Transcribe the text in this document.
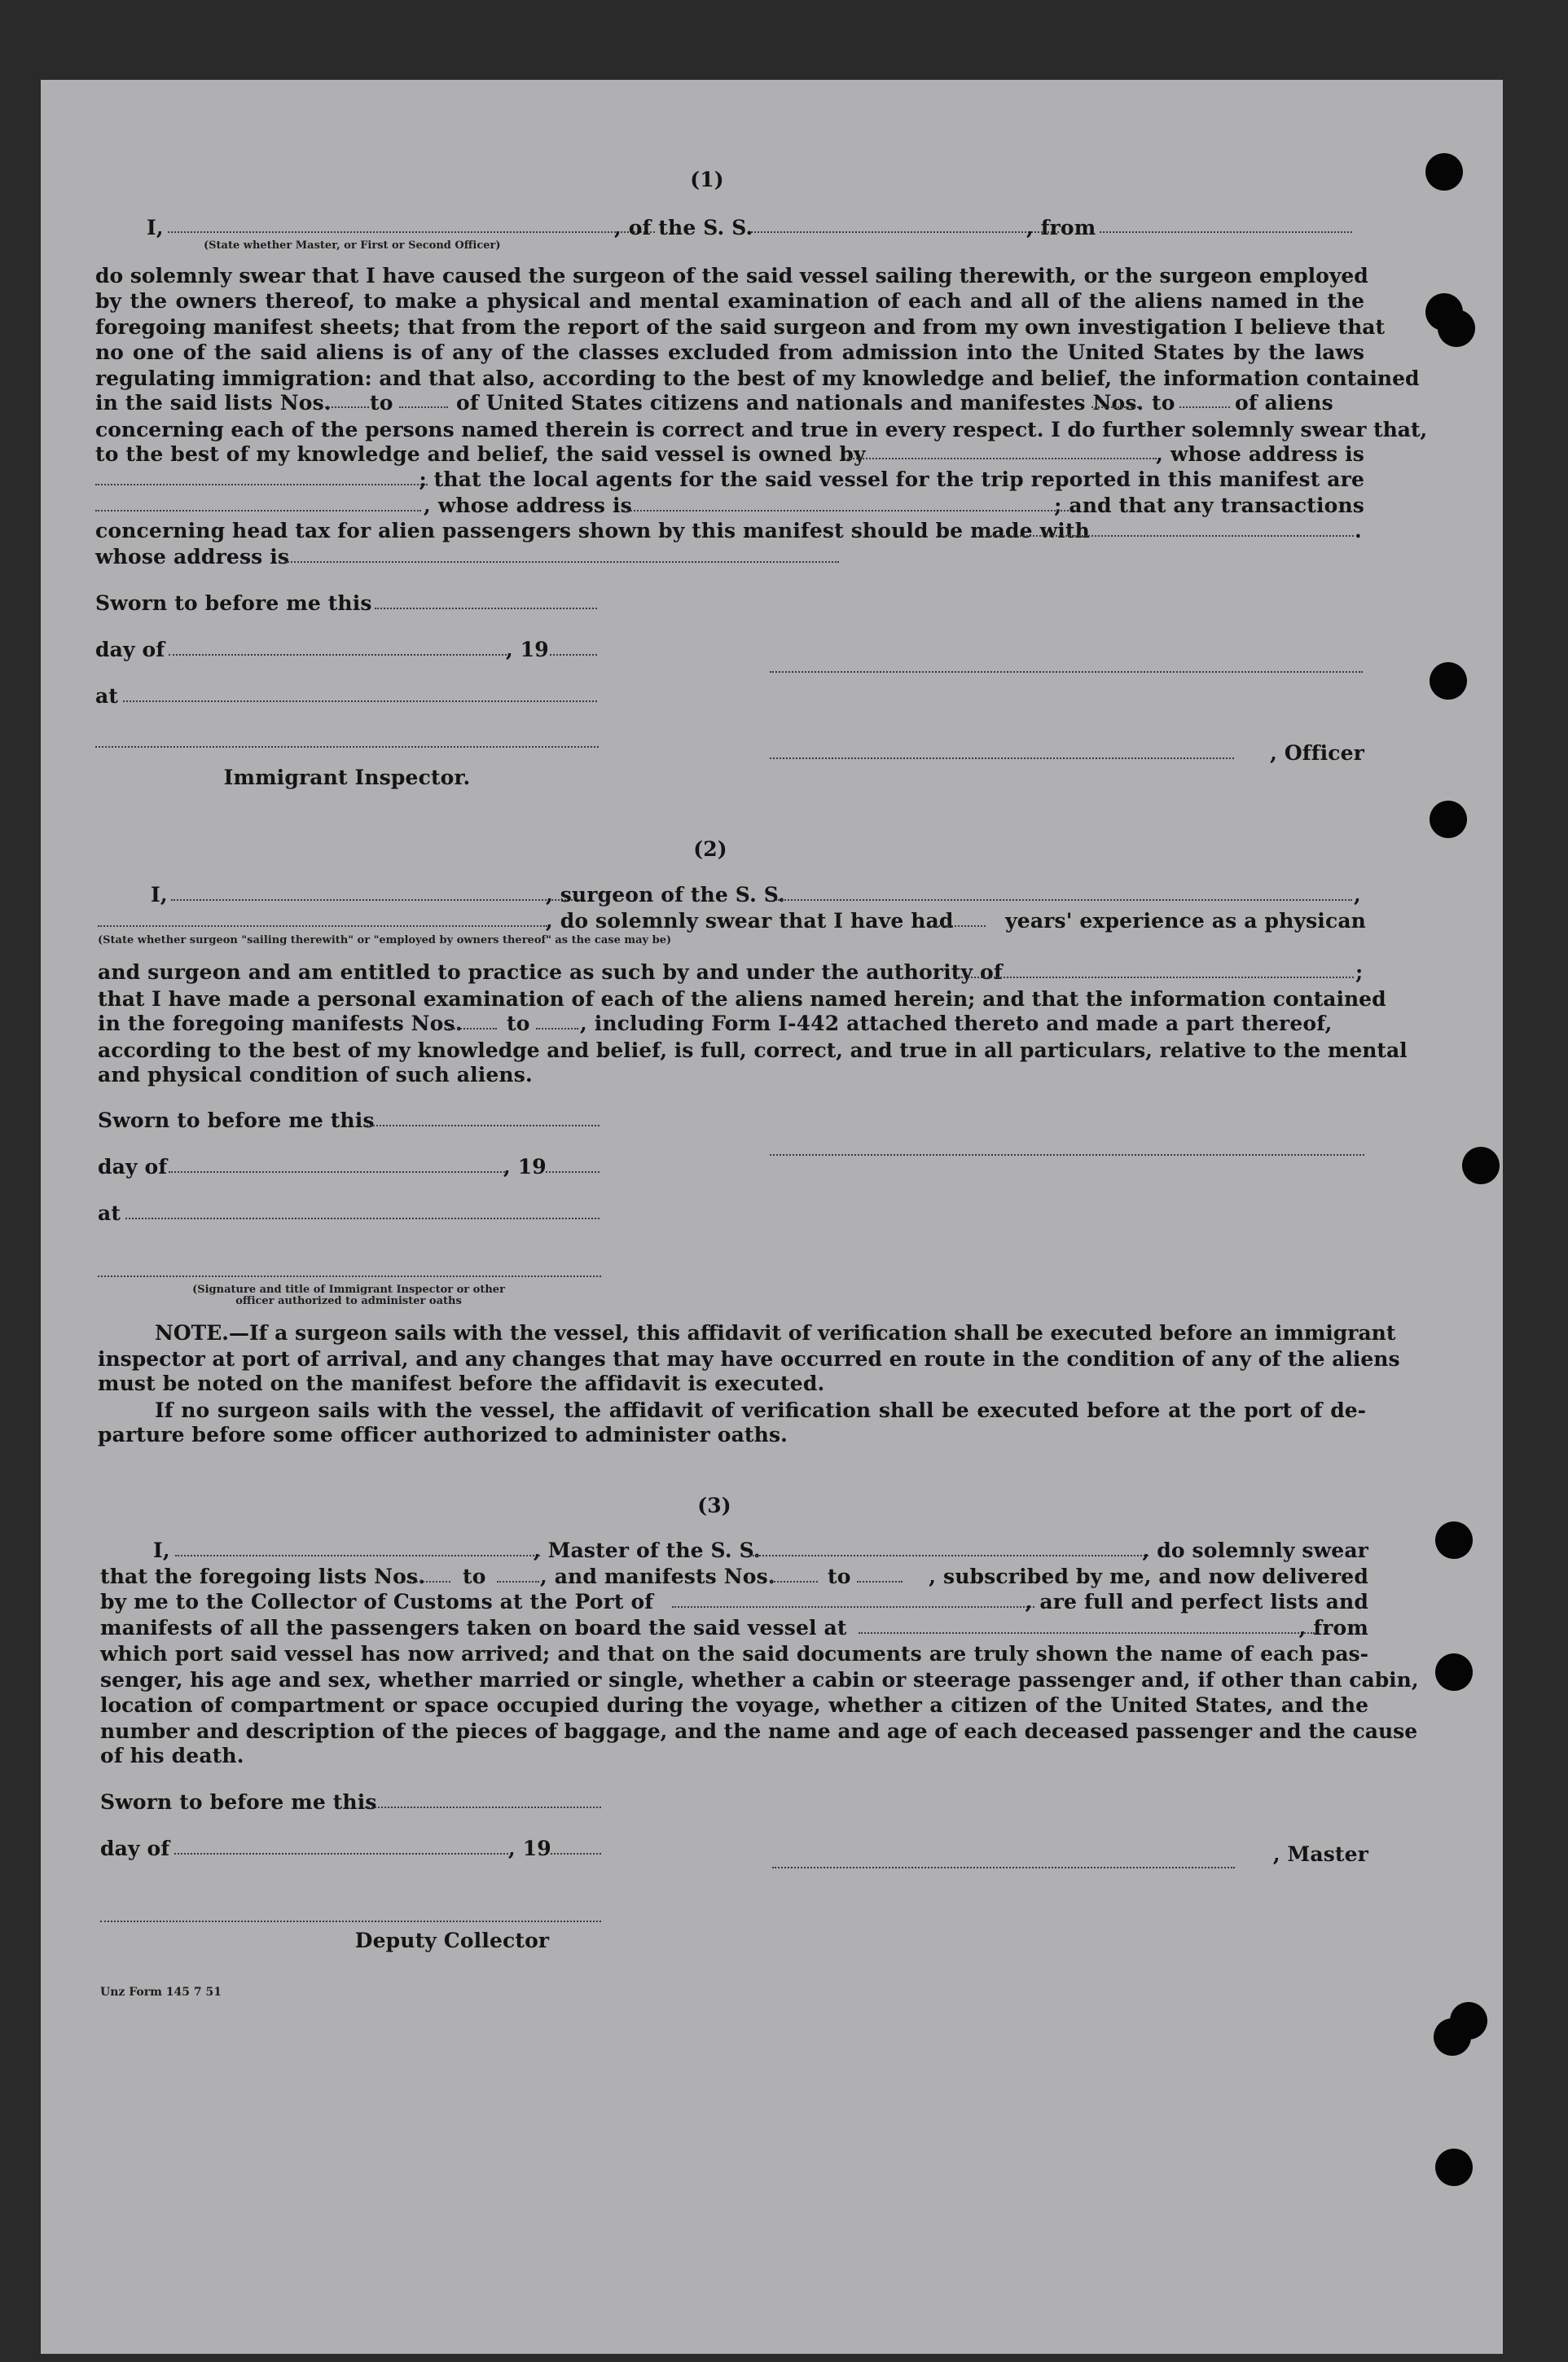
(1)
I,	, of the S. S.	, from
(State whether Master, or First or Second Officer)
do solemnly swear that I have caused the surgeon of the said vessel sailing therewith, or the surgeon employed
by the owners thereof, to make a physical and mental examination of each and all of the aliens named in the
foregoing manifest sheets; that from the report of the said surgeon and from my own investigation I believe that
no one of the said aliens is of any of the classes excluded from admission into the United States by the laws
regulating immigration: and that also, according to the best of my knowledge and belief, the information contained
in the said lists Nos. to	of United States citizens and nationals and manifestes Nos. to	of aliens
concerning each of the persons named therein is correct and true in every respect. I do further solemnly swear that,
to the best of my knowledge and belief, the said vessel is owned by	, whose address is
; that the local agents for the said vessel for the trip reported in this manifest are
, whose address is	; and that any transactions
concerning head tax for alien passengers shown by this manifest should be made with	.
whose address is
Sworn to before me this
day of	, 19
at
, Officer
Immigrant Inspector.
(2)
I,	, surgeon of the S. S.	,
, do solemnly swear that I have had	years' experience as a physican
(State whether surgeon "sailing therewith" or "employed by owners thereof" as the case may be)
and surgeon and am entitled to practice as such by and under the authority of	;
that I have made a personal examination of each of the aliens named herein; and that the information contained
in the foregoing manifests Nos. to , including Form I-442 attached thereto and made a part thereof,
according to the best of my knowledge and belief, is full, correct, and true in all particulars, relative to the mental
and physical condition of such aliens.
Sworn to before me this
day of	, 19
at
(Signature and title of Immigrant Inspector or other
officer authorized to administer oaths
NOTE.—If a surgeon sails with the vessel, this affidavit of verification shall be executed before an immigrant
inspector at port of arrival, and any changes that may have occurred en route in the condition of any of the aliens
must be noted on the manifest before the affidavit is executed.
If no surgeon sails with the vessel, the affidavit of verification shall be executed before at the port of de-
parture before some officer authorized to administer oaths.
(3)
I,	, Master of the S. S.	, do solemnly swear
that the foregoing lists Nos. to	, and manifests Nos.	to	, subscribed by me, and now delivered
by me to the Collector of Customs at the Port of	, are full and perfect lists and
manifests of all the passengers taken on board the said vessel at	, from
which port said vessel has now arrived; and that on the said documents are truly shown the name of each pas-
senger, his age and sex, whether married or single, whether a cabin or steerage passenger and, if other than cabin,
location of compartment or space occupied during the voyage, whether a citizen of the United States, and the
number and description of the pieces of baggage, and the name and age of each deceased passenger and the cause
of his death.
Sworn to before me this
day of	, 19	, Master
Deputy Collector
Unz Form 145 7 51
